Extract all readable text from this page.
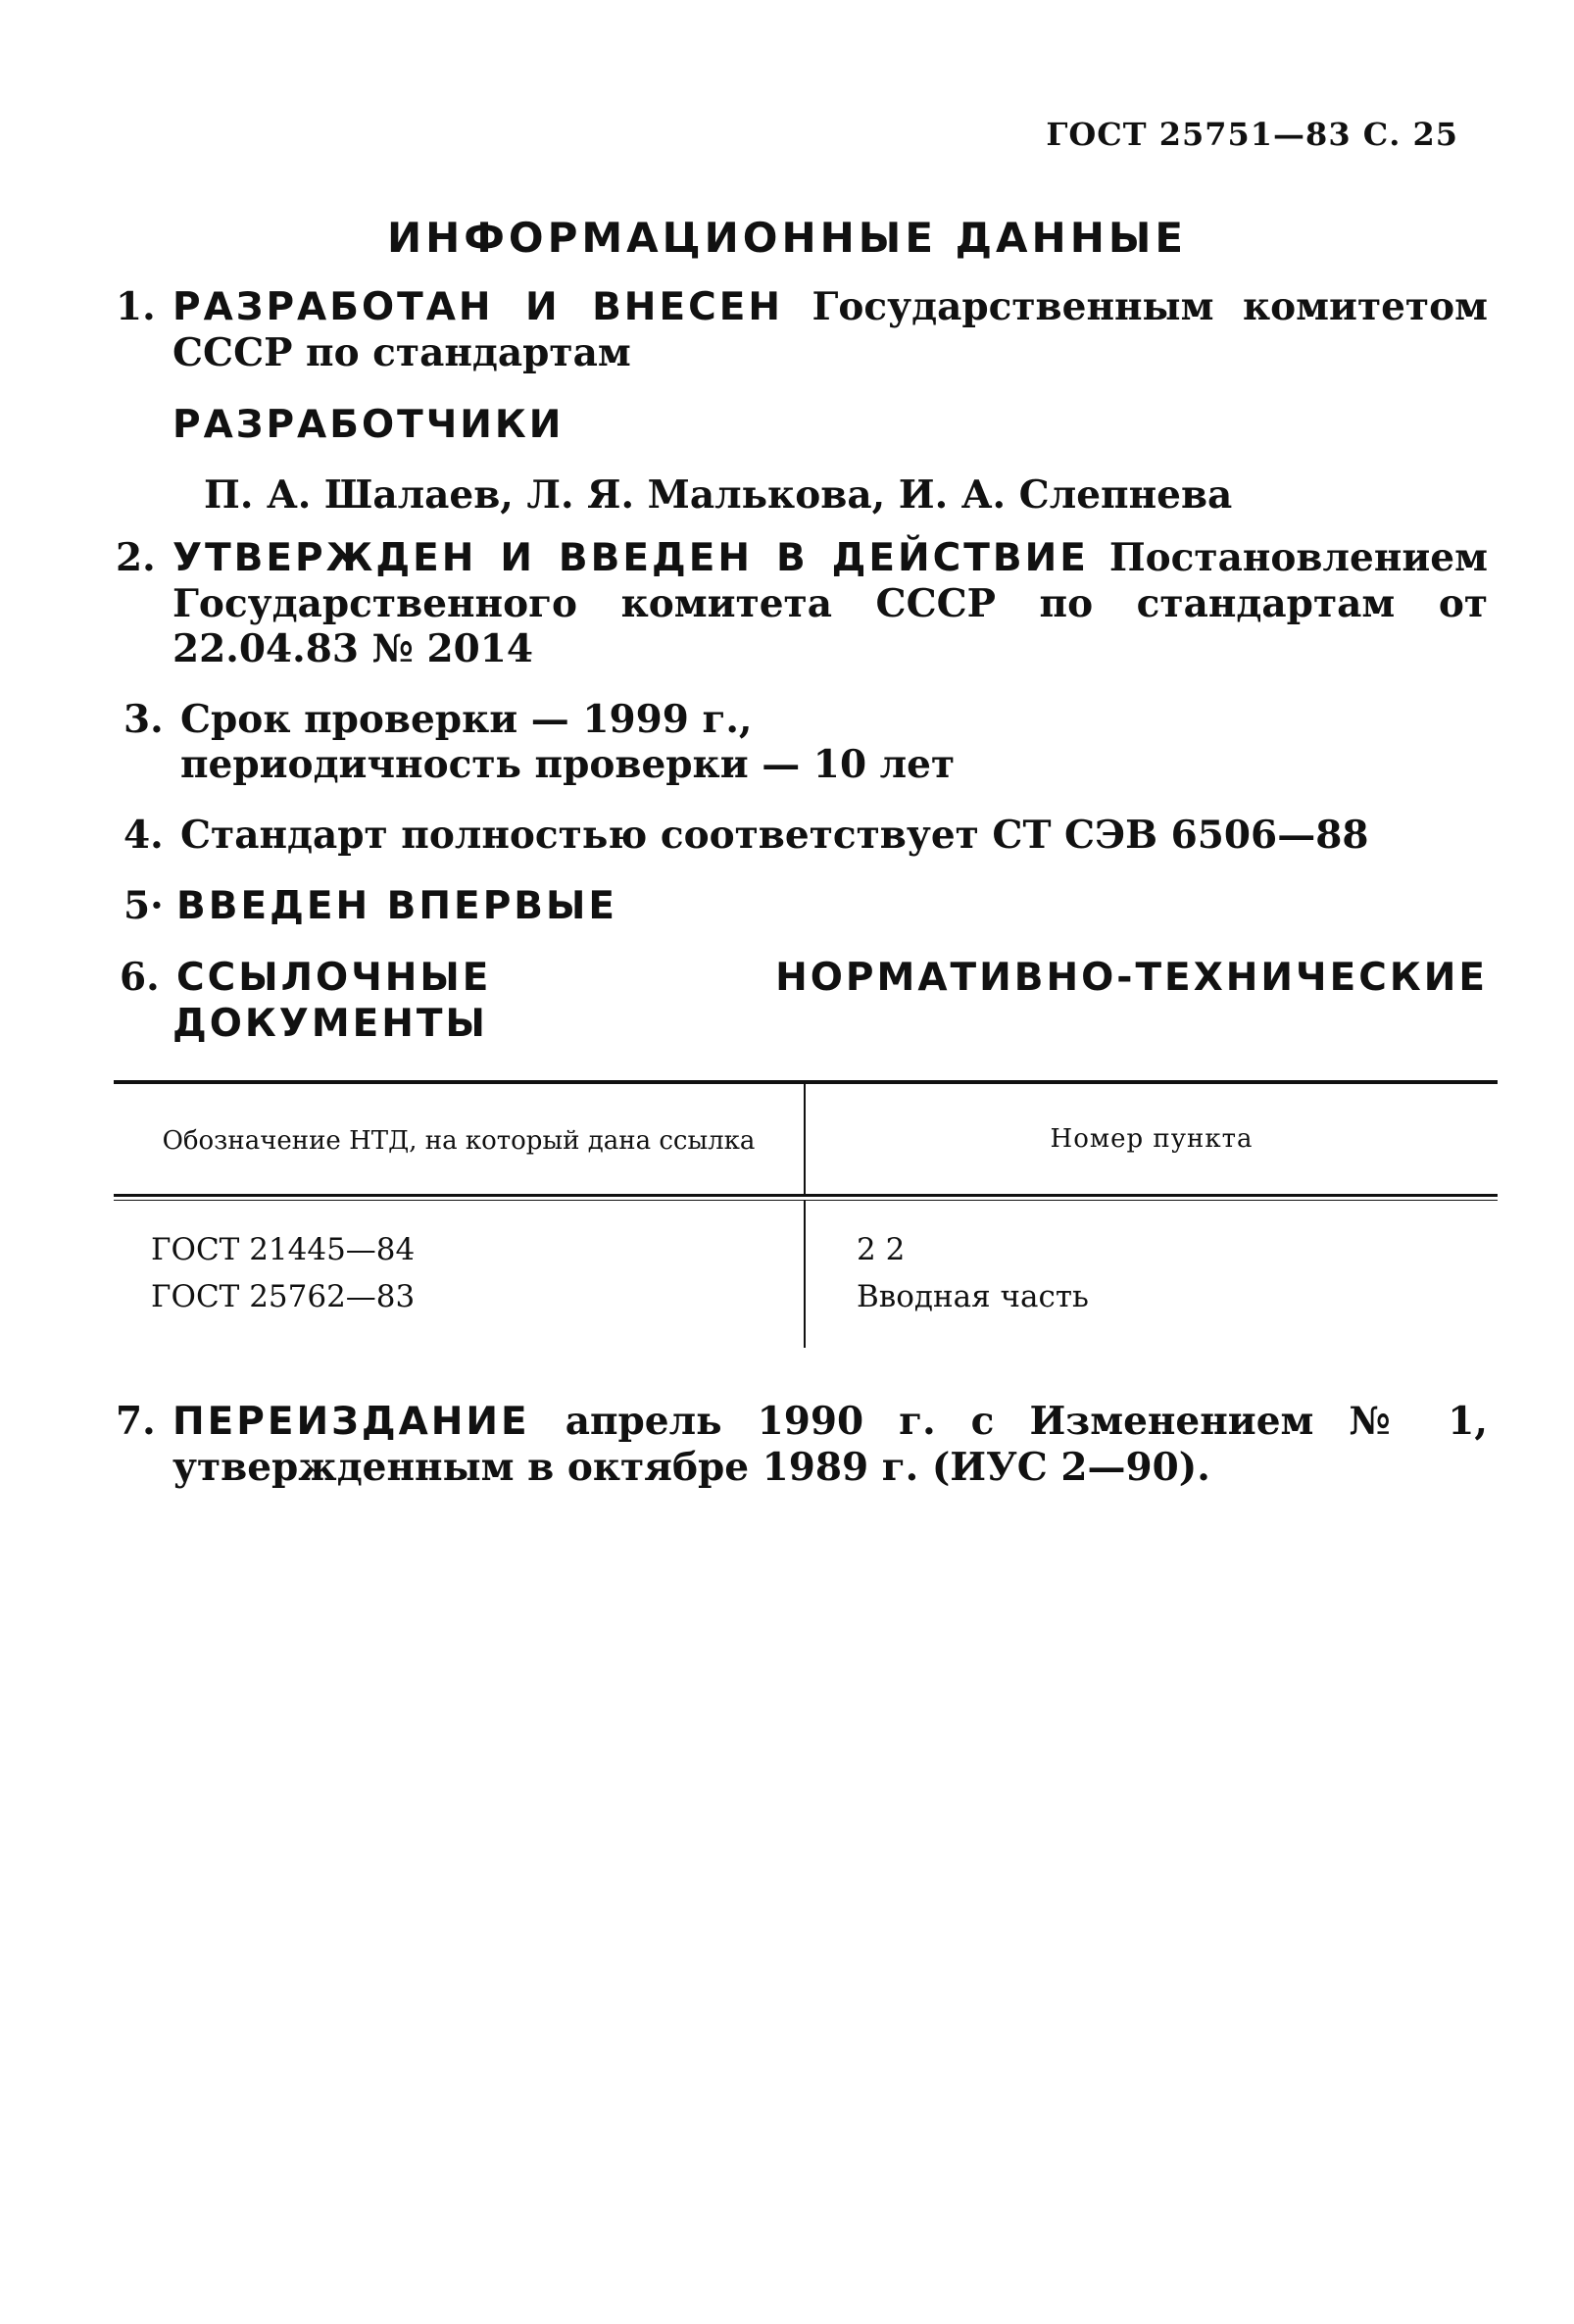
ГОСТ 25751—83 С. 25
ИНФОРМАЦИОННЫЕ ДАННЫЕ
1. РАЗРАБОТАН И ВНЕСЕН Государственным комитетом СССР по стандартам
РАЗРАБОТЧИКИ
П. А. Шалаев, Л. Я. Малькова, И. А. Слепнева
2. УТВЕРЖДЕН И ВВЕДЕН В ДЕЙСТВИЕ Постановлением Государственного комитета СССР по стандартам от 22.04.83 № 2014
3. Срок проверки — 1999 г.,
периодичность проверки — 10 лет
4. Стандарт полностью соответствует СТ СЭВ 6506—88
5· ВВЕДЕН ВПЕРВЫЕ
6. ССЫЛОЧНЫЕ НОРМАТИВНО-ТЕХНИЧЕСКИЕ ДОКУМЕНТЫ
Обозначение НТД, на который дана ссылка	Номер пункта
ГОСТ 21445—84
ГОСТ 25762—83
2 2
Вводная часть
7. ПЕРЕИЗДАНИЕ апрель 1990 г. с Изменением № 1, утвержденным в октябре 1989 г. (ИУС 2—90).
